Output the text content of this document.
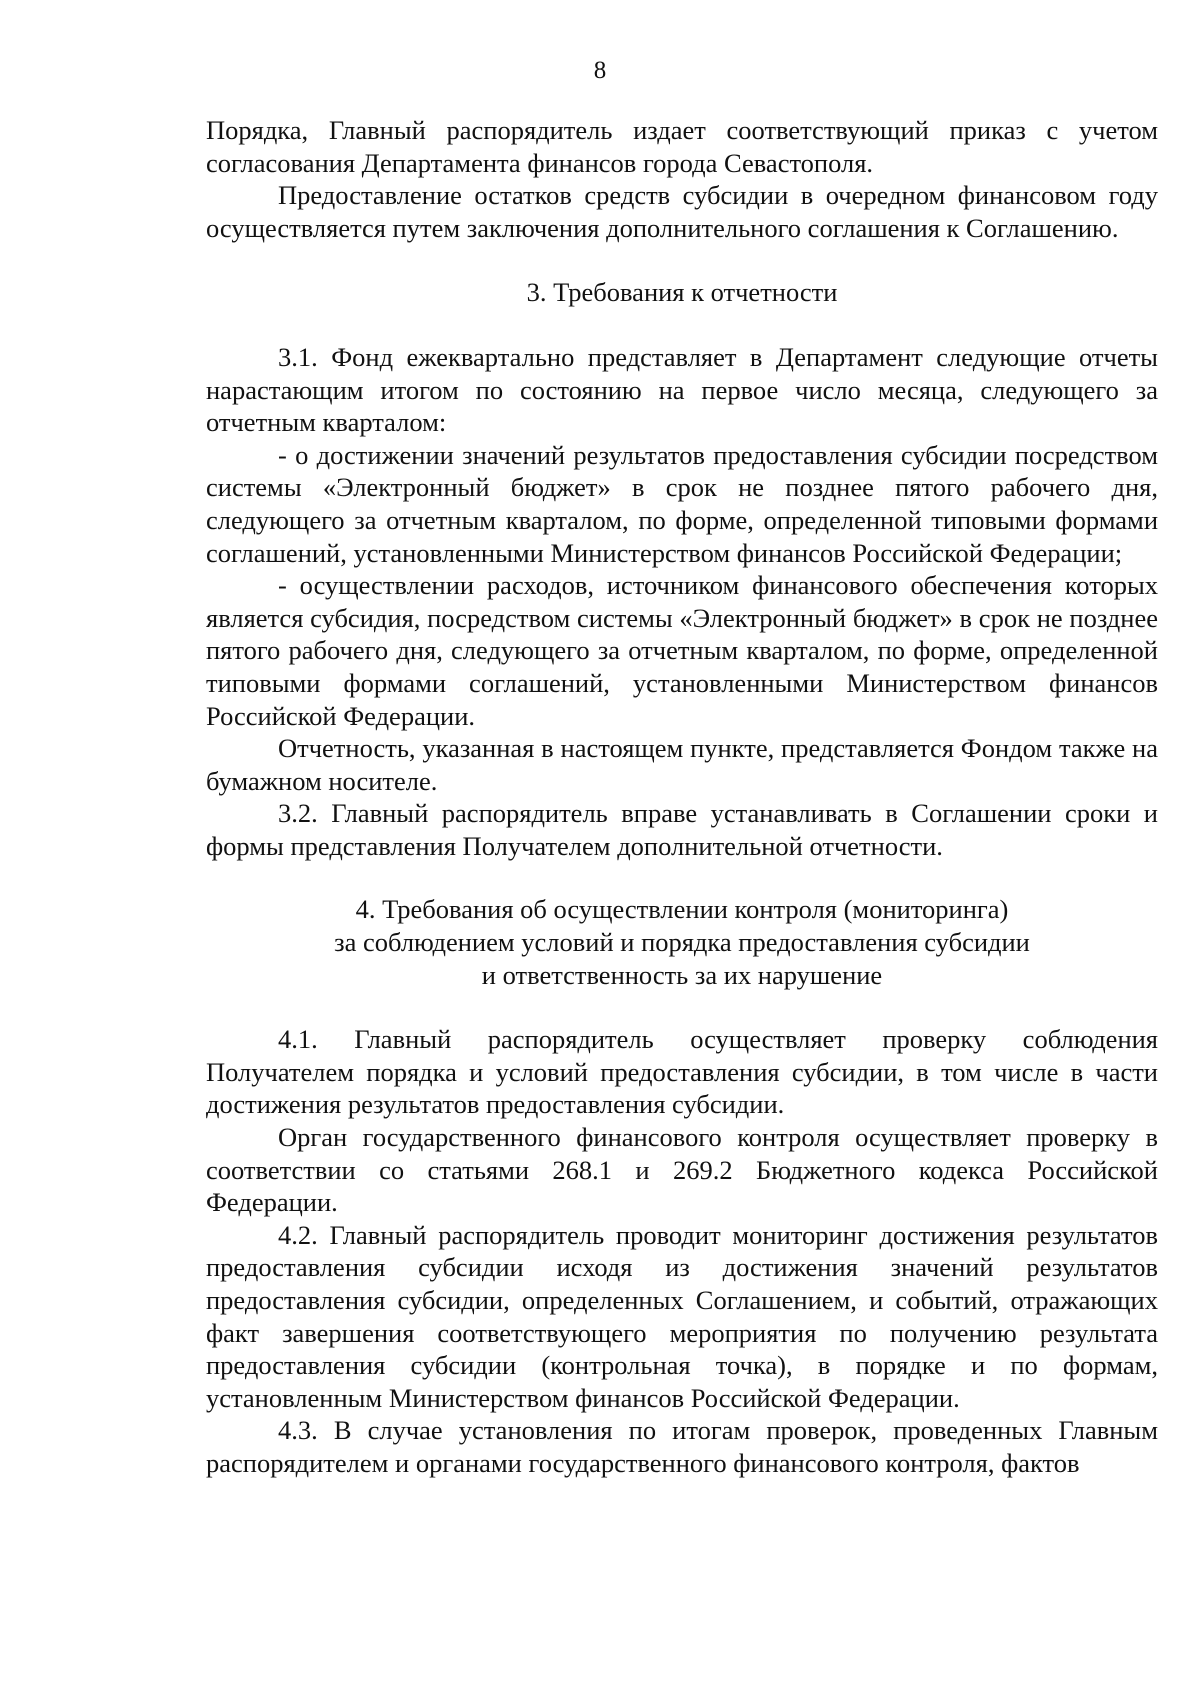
8

Порядка, Главный распорядитель издает соответствующий приказ с учетом согласования Департамента финансов города Севастополя.

Предоставление остатков средств субсидии в очередном финансовом году осуществляется путем заключения дополнительного соглашения к Соглашению.

3. Требования к отчетности

3.1. Фонд ежеквартально представляет в Департамент следующие отчеты нарастающим итогом по состоянию на первое число месяца, следующего за отчетным кварталом:

- о достижении значений результатов предоставления субсидии посредством системы «Электронный бюджет» в срок не позднее пятого рабочего дня, следующего за отчетным кварталом, по форме, определенной типовыми формами соглашений, установленными Министерством финансов Российской Федерации;

- осуществлении расходов, источником финансового обеспечения которых является субсидия, посредством системы «Электронный бюджет» в срок не позднее пятого рабочего дня, следующего за отчетным кварталом, по форме, определенной типовыми формами соглашений, установленными Министерством финансов Российской Федерации.

Отчетность, указанная в настоящем пункте, представляется Фондом также на бумажном носителе.

3.2. Главный распорядитель вправе устанавливать в Соглашении сроки и формы представления Получателем дополнительной отчетности.

4. Требования об осуществлении контроля (мониторинга)

за соблюдением условий и порядка предоставления субсидии

и ответственность за их нарушение

4.1. Главный распорядитель осуществляет проверку соблюдения Получателем порядка и условий предоставления субсидии, в том числе в части достижения результатов предоставления субсидии.

Орган государственного финансового контроля осуществляет проверку в соответствии со статьями 268.1 и 269.2 Бюджетного кодекса Российской Федерации.

4.2. Главный распорядитель проводит мониторинг достижения результатов предоставления субсидии исходя из достижения значений результатов предоставления субсидии, определенных Соглашением, и событий, отражающих факт завершения соответствующего мероприятия по получению результата предоставления субсидии (контрольная точка), в порядке и по формам, установленным Министерством финансов Российской Федерации.

4.3. В случае установления по итогам проверок, проведенных Главным распорядителем и органами государственного финансового контроля, фактов
